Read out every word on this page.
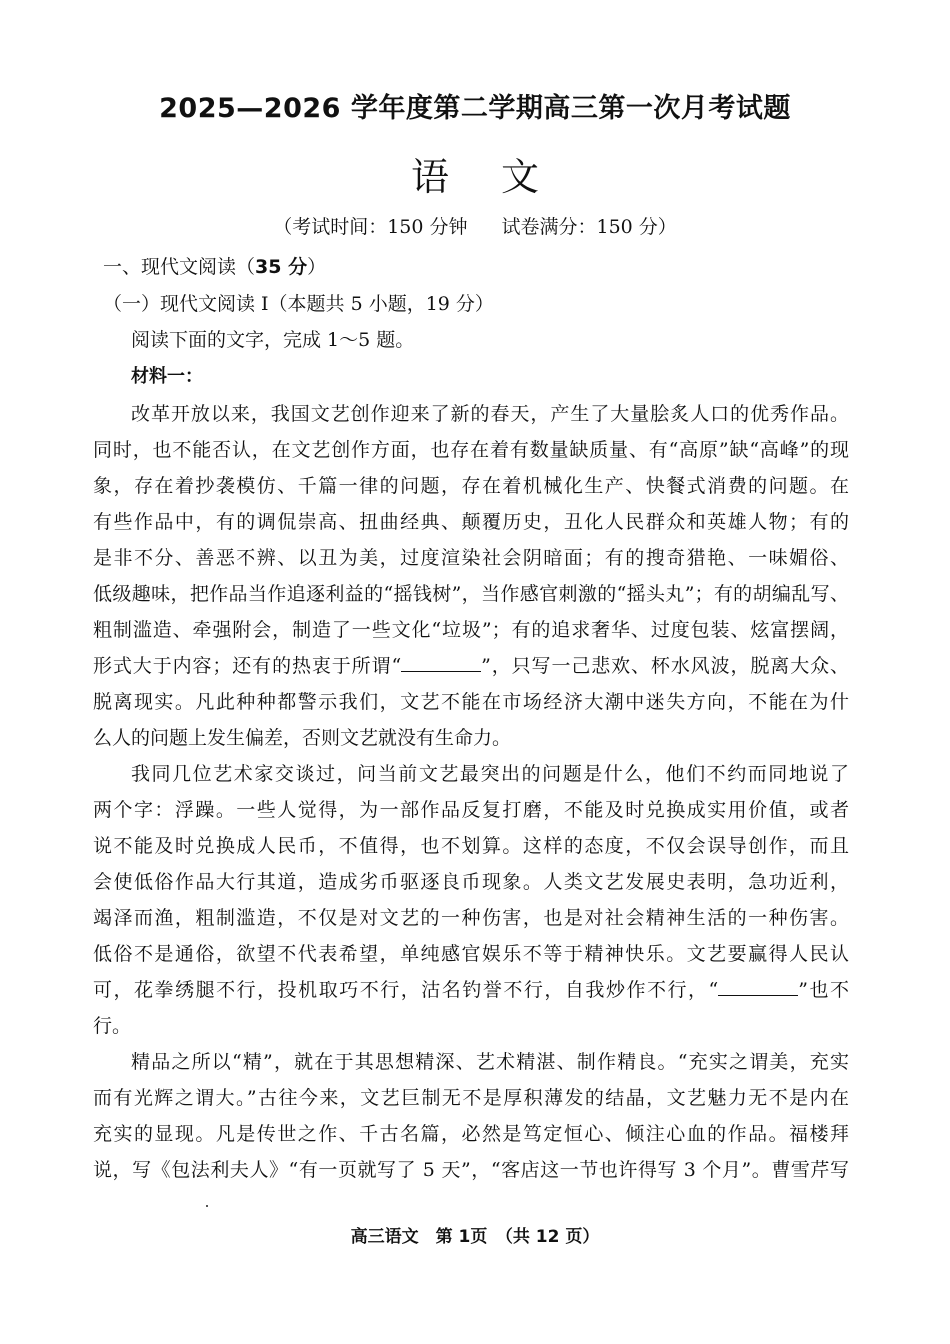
2025—2026 学年度第二学期高三第一次月考试题
语 文
（考试时间：150 分钟 试卷满分：150 分）
一、现代文阅读（35 分）
（一）现代文阅读 I（本题共 5 小题，19 分）
阅读下面的文字，完成 1～5 题。
材料一：
改革开放以来，我国文艺创作迎来了新的春天，产生了大量脍炙人口的优秀作品。
同时，也不能否认，在文艺创作方面，也存在着有数量缺质量、有“高原”缺“高峰”的现
象，存在着抄袭模仿、千篇一律的问题，存在着机械化生产、快餐式消费的问题。在
有些作品中，有的调侃崇高、扭曲经典、颠覆历史，丑化人民群众和英雄人物；有的
是非不分、善恶不辨、以丑为美，过度渲染社会阴暗面；有的搜奇猎艳、一味媚俗、
低级趣味，把作品当作追逐利益的“摇钱树”，当作感官刺激的“摇头丸”；有的胡编乱写、
粗制滥造、牵强附会，制造了一些文化“垃圾”；有的追求奢华、过度包装、炫富摆阔，
形式大于内容；还有的热衷于所谓“	”，只写一己悲欢、杯水风波，脱离大众、
脱离现实。凡此种种都警示我们，文艺不能在市场经济大潮中迷失方向，不能在为什
么人的问题上发生偏差，否则文艺就没有生命力。
我同几位艺术家交谈过，问当前文艺最突出的问题是什么，他们不约而同地说了
两个字：浮躁。一些人觉得，为一部作品反复打磨，不能及时兑换成实用价值，或者
说不能及时兑换成人民币，不值得，也不划算。这样的态度，不仅会误导创作，而且
会使低俗作品大行其道，造成劣币驱逐良币现象。人类文艺发展史表明，急功近利，
竭泽而渔，粗制滥造，不仅是对文艺的一种伤害，也是对社会精神生活的一种伤害。
低俗不是通俗，欲望不代表希望，单纯感官娱乐不等于精神快乐。文艺要赢得人民认
可，花拳绣腿不行，投机取巧不行，沽名钓誉不行，自我炒作不行，“	”也不
行。
精品之所以“精”，就在于其思想精深、艺术精湛、制作精良。“充实之谓美，充实
而有光辉之谓大。”古往今来，文艺巨制无不是厚积薄发的结晶，文艺魅力无不是内在
充实的显现。凡是传世之作、千古名篇，必然是笃定恒心、倾注心血的作品。福楼拜
说，写《包法利夫人》“有一页就写了 5 天”，“客店这一节也许得写 3 个月”。曹雪芹写
高三语文　第 1页　（共 12 页）
